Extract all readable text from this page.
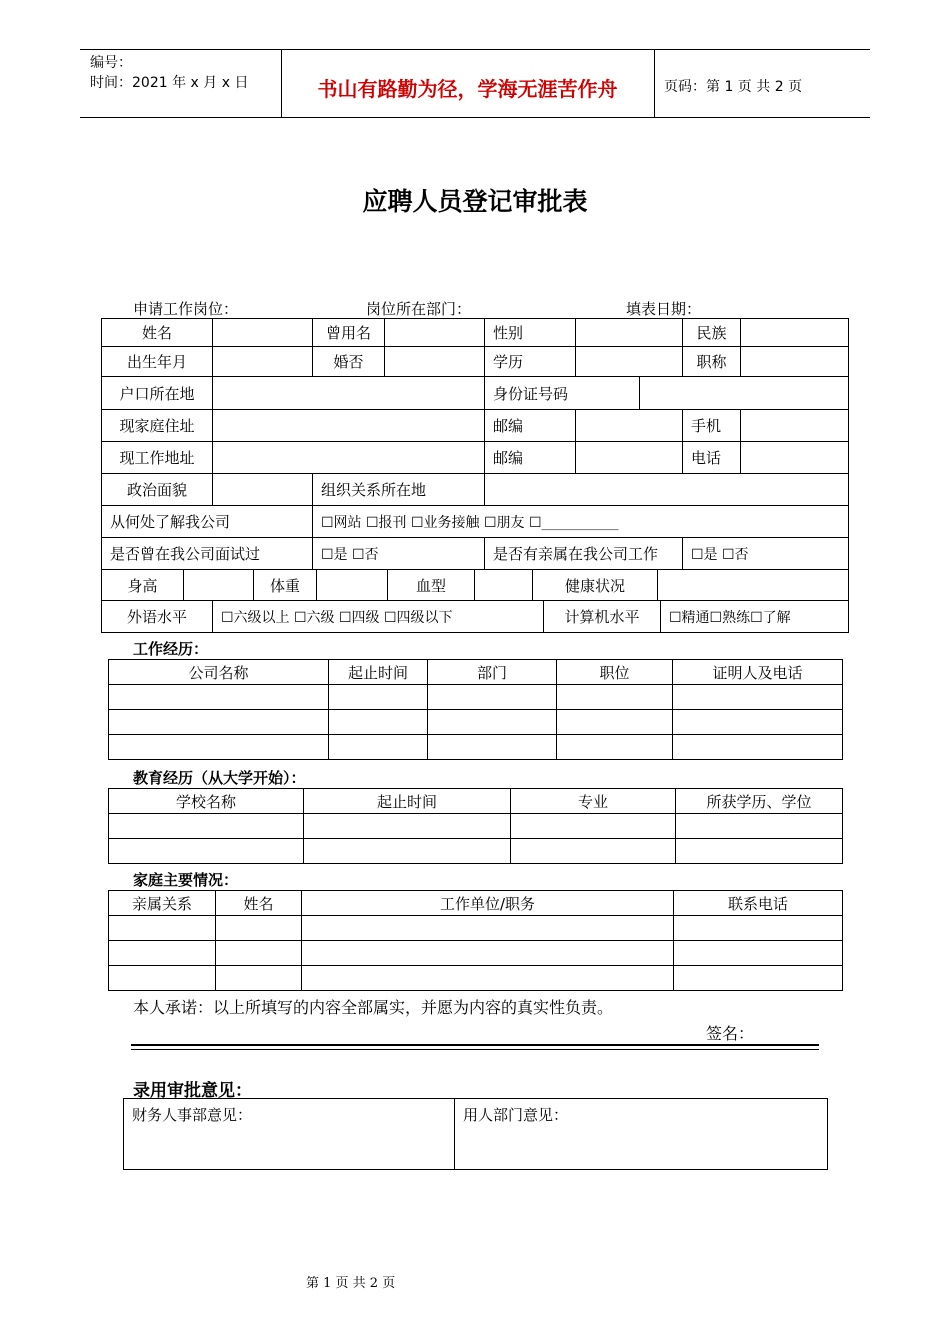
编号：
时间：2021 年 x 月 x 日	书山有路勤为径，学海无涯苦作舟	页码：第 1 页 共 2 页
应聘人员登记审批表
申请工作岗位：	岗位所在部门：	填表日期：
姓名		曾用名		性别			民族	
出生年月		婚否		学历			职称	
户口所在地				身份证号码				
现家庭住址				邮编			手机	
现工作地址				邮编			电话	
政治面貌		组织关系所在地						
从何处了解我公司		☐网站 ☐报刊 ☐业务接触 ☐朋友 ☐___________						
是否曾在我公司面试过		☐是 ☐否		是否有亲属在我公司工作			☐是 ☐否	
身高		体重		血型		健康状况	
外语水平	☐六级以上 ☐六级 ☐四级 ☐四级以下	计算机水平	☐精通☐熟练☐了解
工作经历：
公司名称	起止时间	部门	职位	证明人及电话

教育经历（从大学开始）：
学校名称	起止时间	专业	所获学历、学位

家庭主要情况：
亲属关系	姓名	工作单位/职务	联系电话

本人承诺：以上所填写的内容全部属实，并愿为内容的真实性负责。
签名：
录用审批意见：
财务人事部意见：	用人部门意见：
第 1 页 共 2 页
